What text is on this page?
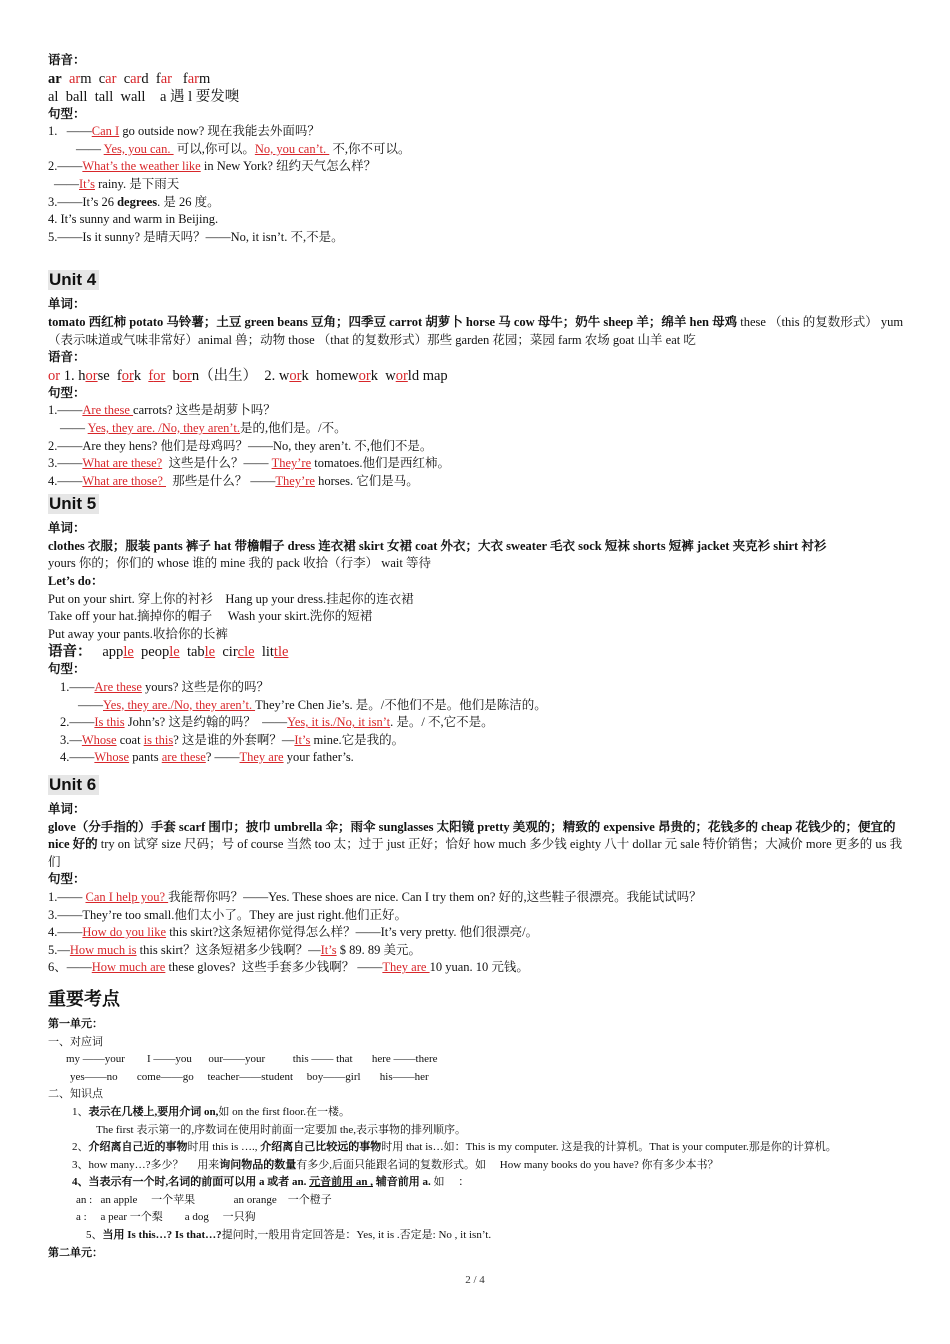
语音：
ar arm car card far farm
al  ball  tall  wall    a 遇 l 要发噢
句型：
1.   ——Can I go outside now? 现在我能去外面吗？
—— Yes, you can.  可以,你可以。No, you can’t.  不,你不可以。
2.——What’s the weather like in New York? 纽约天气怎么样？
——It’s rainy. 是下雨天
3.——It’s 26 degrees. 是 26 度。
4. It’s sunny and warm in Beijing.
5.——Is it sunny? 是晴天吗？——No, it isn’t. 不,不是。
Unit 4
单词：
tomato 西红柿 potato 马铃薯；土豆 green beans 豆角；四季豆 carrot 胡萝卜 horse 马 cow 母牛；奶牛 sheep 羊；绵羊 hen 母鸡 these （this 的复数形式） yum （表示味道或气味非常好）animal 兽；动物 those （that 的复数形式）那些 garden 花园；菜园 farm 农场 goat 山羊 eat 吃
语音：
or 1. horse  fork  for  born（出生）  2. work  homework  world map
句型：
1.——Are these carrots? 这些是胡萝卜吗？
—— Yes, they are. /No, they aren’t.是的,他们是。/不。
2.——Are they hens? 他们是母鸡吗？——No, they aren’t. 不,他们不是。
3.——What are these?  这些是什么？—— They’re tomatoes.他们是西红柿。
4.——What are those?   那些是什么？ ——They’re horses. 它们是马。
Unit 5
单词：
clothes 衣服；服装 pants 裤子 hat 带檐帽子 dress 连衣裙 skirt 女裙 coat 外衣；大衣 sweater 毛衣 sock 短袜 shorts 短裤 jacket 夹克衫 shirt 衬衫
yours 你的；你们的 whose 谁的 mine 我的 pack 收拾（行李） wait 等待
Let’s do：
Put on your shirt. 穿上你的衬衫    Hang up your dress.挂起你的连衣裙
Take off your hat.摘掉你的帽子     Wash your skirt.洗你的短裙
Put away your pants.收拾你的长裤
语音： apple people table circle little
句型：
1.——Are these yours? 这些是你的吗？
——Yes, they are./No, they aren’t. They’re Chen Jie’s. 是。/不他们不是。他们是陈洁的。
2.——Is this John’s? 这是约翰的吗？  ——Yes, it is./No, it isn’t. 是。/ 不,它不是。
3.—Whose coat is this? 这是谁的外套啊？—It’s mine.它是我的。
4.——Whose pants are these? ——They are your father’s.
Unit 6
单词：
glove（分手指的）手套 scarf 围巾；披巾 umbrella 伞；雨伞 sunglasses 太阳镜 pretty 美观的；精致的 expensive 昂贵的；花钱多的 cheap 花钱少的；便宜的 nice 好的 try on 试穿 size 尺码；号 of course 当然 too 太；过于 just 正好；恰好 how much 多少钱 eighty 八十 dollar 元 sale 特价销售；大减价 more 更多的 us 我们
句型：
1.—— Can I help you? 我能帮你吗？——Yes. These shoes are nice. Can I try them on? 好的,这些鞋子很漂亮。我能试试吗？
3.——They’re too small.他们太小了。They are just right.他们正好。
4.——How do you like this skirt?这条短裙你觉得怎么样？——It’s very pretty. 他们很漂亮/。
5.—How much is this skirt？这条短裙多少钱啊？—It’s $ 89. 89 美元。
6、——How much are these gloves?  这些手套多少钱啊？ ——They are 10 yuan. 10 元钱。
重要考点
第一单元：
一、对应词
my ——your        I ——you      our——your          this —— that       here ——there
yes——no       come——go     teacher——student     boy——girl       his——her
二、知识点
1、表示在几楼上,要用介词 on,如 on the first floor.在一楼。
The first 表示第一的,序数词在使用时前面一定要加 the,表示事物的排列顺序。
2、介绍离自己近的事物时用 this is …., 介绍离自己比较远的事物时用 that is…如：This is my computer. 这是我的计算机。That is your computer.那是你的计算机。
3、how many…?多少？     用来询问物品的数量有多少,后面只能跟名词的复数形式。如     How many books do you have? 你有多少本书？
4、当表示有一个时,名词的前面可以用 a 或者 an. 元音前用 an , 辅音前用 a. 如     ：
an :   an apple     一个苹果              an orange    一个橙子
a :     a pear 一个梨        a dog     一只狗
5、当用 Is this…? Is that…?提问时,一般用肯定回答是：Yes, it is .否定是: No , it isn’t.
第二单元：
2 / 4
